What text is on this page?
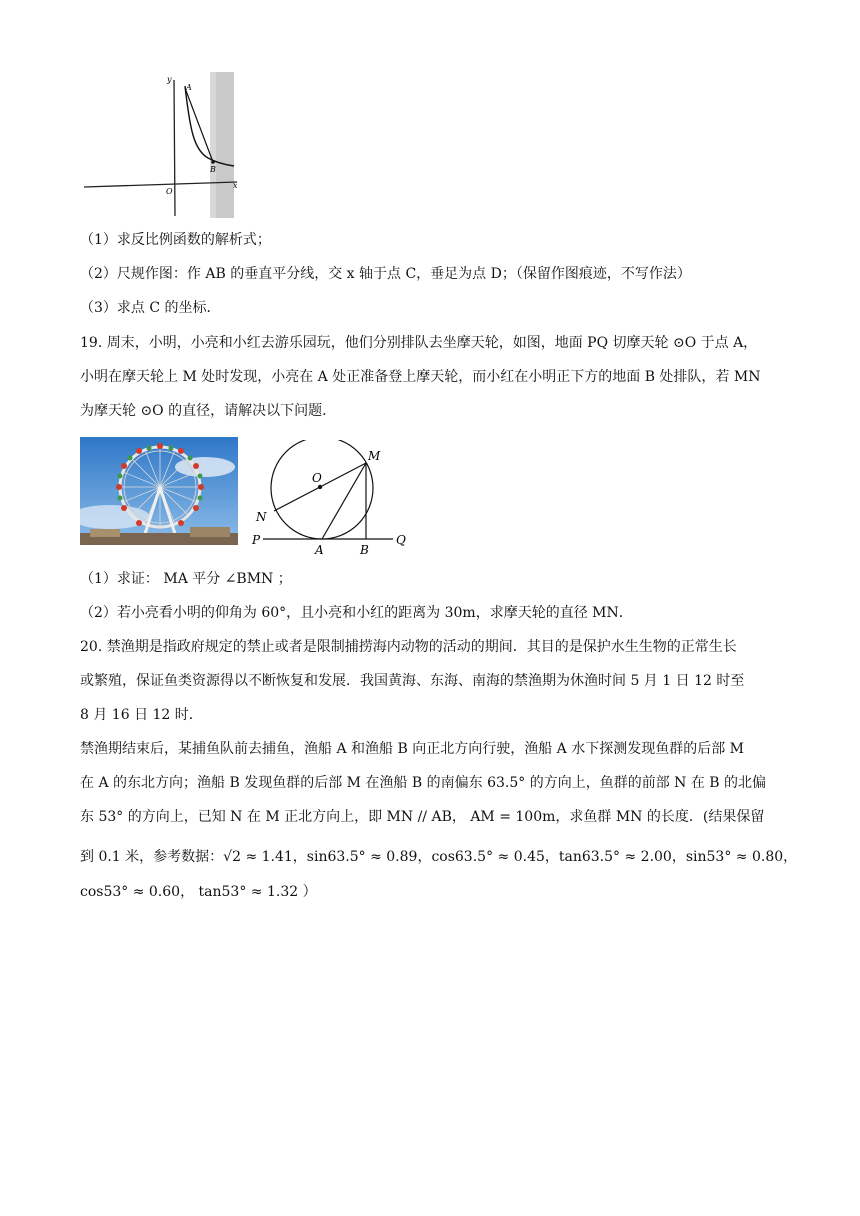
y
A
B
O
x
（1）求反比例函数的解析式；
（2）尺规作图：作 AB 的垂直平分线，交 x 轴于点 C，垂足为点 D；（保留作图痕迹，不写作法）
（3）求点 C 的坐标．
19. 周末，小明，小亮和小红去游乐园玩，他们分别排队去坐摩天轮，如图，地面 PQ 切摩天轮 ⊙O 于点 A，
小明在摩天轮上 M 处时发现，小亮在 A 处正准备登上摩天轮，而小红在小明正下方的地面 B 处排队，若 MN
为摩天轮 ⊙O 的直径，请解决以下问题．
O
M
N
P
A	B
Q
（1）求证： MA 平分 ∠BMN ；
（2）若小亮看小明的仰角为 60°，且小亮和小红的距离为 30m，求摩天轮的直径 MN．
20. 禁渔期是指政府规定的禁止或者是限制捕捞海内动物的活动的期间．其目的是保护水生生物的正常生长
或繁殖，保证鱼类资源得以不断恢复和发展．我国黄海、东海、南海的禁渔期为休渔时间 5 月 1 日 12 时至
8 月 16 日 12 时．
禁渔期结束后，某捕鱼队前去捕鱼，渔船 A 和渔船 B 向正北方向行驶，渔船 A 水下探测发现鱼群的后部 M
在 A 的东北方向；渔船 B 发现鱼群的后部 M 在渔船 B 的南偏东 63.5° 的方向上，鱼群的前部 N 在 B 的北偏
东 53° 的方向上，已知 N 在 M 正北方向上，即 MN // AB， AM = 100m，求鱼群 MN 的长度．(结果保留
到 0.1 米，参考数据：√2 ≈ 1.41，sin63.5° ≈ 0.89，cos63.5° ≈ 0.45，tan63.5° ≈ 2.00，sin53° ≈ 0.80，
cos53° ≈ 0.60， tan53° ≈ 1.32 ）
